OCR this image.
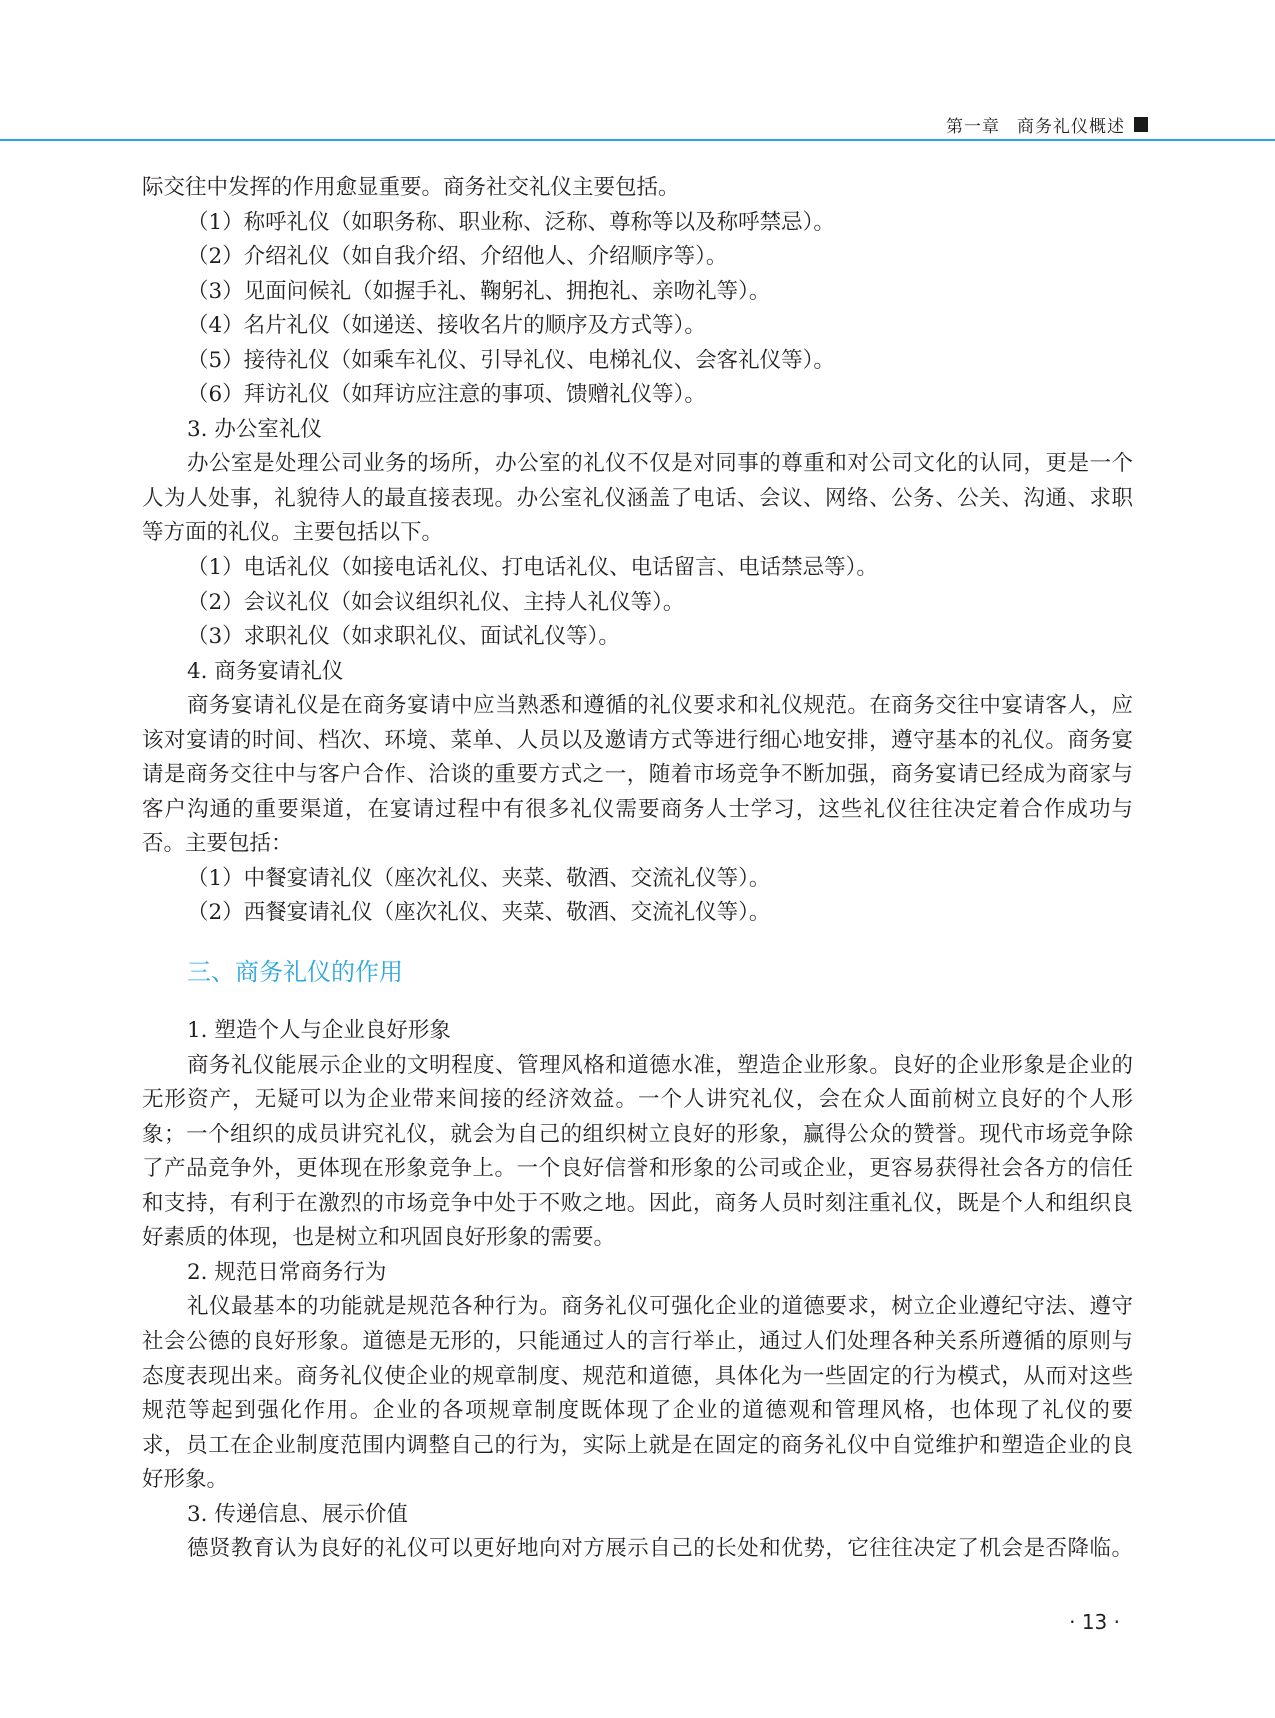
第一章 商务礼仪概述
际交往中发挥的作用愈显重要。商务社交礼仪主要包括。
（1）称呼礼仪（如职务称、职业称、泛称、尊称等以及称呼禁忌）。
（2）介绍礼仪（如自我介绍、介绍他人、介绍顺序等）。
（3）见面问候礼（如握手礼、鞠躬礼、拥抱礼、亲吻礼等）。
（4）名片礼仪（如递送、接收名片的顺序及方式等）。
（5）接待礼仪（如乘车礼仪、引导礼仪、电梯礼仪、会客礼仪等）。
（6）拜访礼仪（如拜访应注意的事项、馈赠礼仪等）。
3. 办公室礼仪
办公室是处理公司业务的场所，办公室的礼仪不仅是对同事的尊重和对公司文化的认同，更是一个
人为人处事，礼貌待人的最直接表现。办公室礼仪涵盖了电话、会议、网络、公务、公关、沟通、求职
等方面的礼仪。主要包括以下。
（1）电话礼仪（如接电话礼仪、打电话礼仪、电话留言、电话禁忌等）。
（2）会议礼仪（如会议组织礼仪、主持人礼仪等）。
（3）求职礼仪（如求职礼仪、面试礼仪等）。
4. 商务宴请礼仪
商务宴请礼仪是在商务宴请中应当熟悉和遵循的礼仪要求和礼仪规范。在商务交往中宴请客人，应
该对宴请的时间、档次、环境、菜单、人员以及邀请方式等进行细心地安排，遵守基本的礼仪。商务宴
请是商务交往中与客户合作、洽谈的重要方式之一，随着市场竞争不断加强，商务宴请已经成为商家与
客户沟通的重要渠道，在宴请过程中有很多礼仪需要商务人士学习，这些礼仪往往决定着合作成功与
否。主要包括：
（1）中餐宴请礼仪（座次礼仪、夹菜、敬酒、交流礼仪等）。
（2）西餐宴请礼仪（座次礼仪、夹菜、敬酒、交流礼仪等）。
三、商务礼仪的作用
1. 塑造个人与企业良好形象
商务礼仪能展示企业的文明程度、管理风格和道德水准，塑造企业形象。良好的企业形象是企业的
无形资产，无疑可以为企业带来间接的经济效益。一个人讲究礼仪，会在众人面前树立良好的个人形
象；一个组织的成员讲究礼仪，就会为自己的组织树立良好的形象，赢得公众的赞誉。现代市场竞争除
了产品竞争外，更体现在形象竞争上。一个良好信誉和形象的公司或企业，更容易获得社会各方的信任
和支持，有利于在激烈的市场竞争中处于不败之地。因此，商务人员时刻注重礼仪，既是个人和组织良
好素质的体现，也是树立和巩固良好形象的需要。
2. 规范日常商务行为
礼仪最基本的功能就是规范各种行为。商务礼仪可强化企业的道德要求，树立企业遵纪守法、遵守
社会公德的良好形象。道德是无形的，只能通过人的言行举止，通过人们处理各种关系所遵循的原则与
态度表现出来。商务礼仪使企业的规章制度、规范和道德，具体化为一些固定的行为模式，从而对这些
规范等起到强化作用。企业的各项规章制度既体现了企业的道德观和管理风格，也体现了礼仪的要
求，员工在企业制度范围内调整自己的行为，实际上就是在固定的商务礼仪中自觉维护和塑造企业的良
好形象。
3. 传递信息、展示价值
德贤教育认为良好的礼仪可以更好地向对方展示自己的长处和优势，它往往决定了机会是否降临。
· 13 ·
